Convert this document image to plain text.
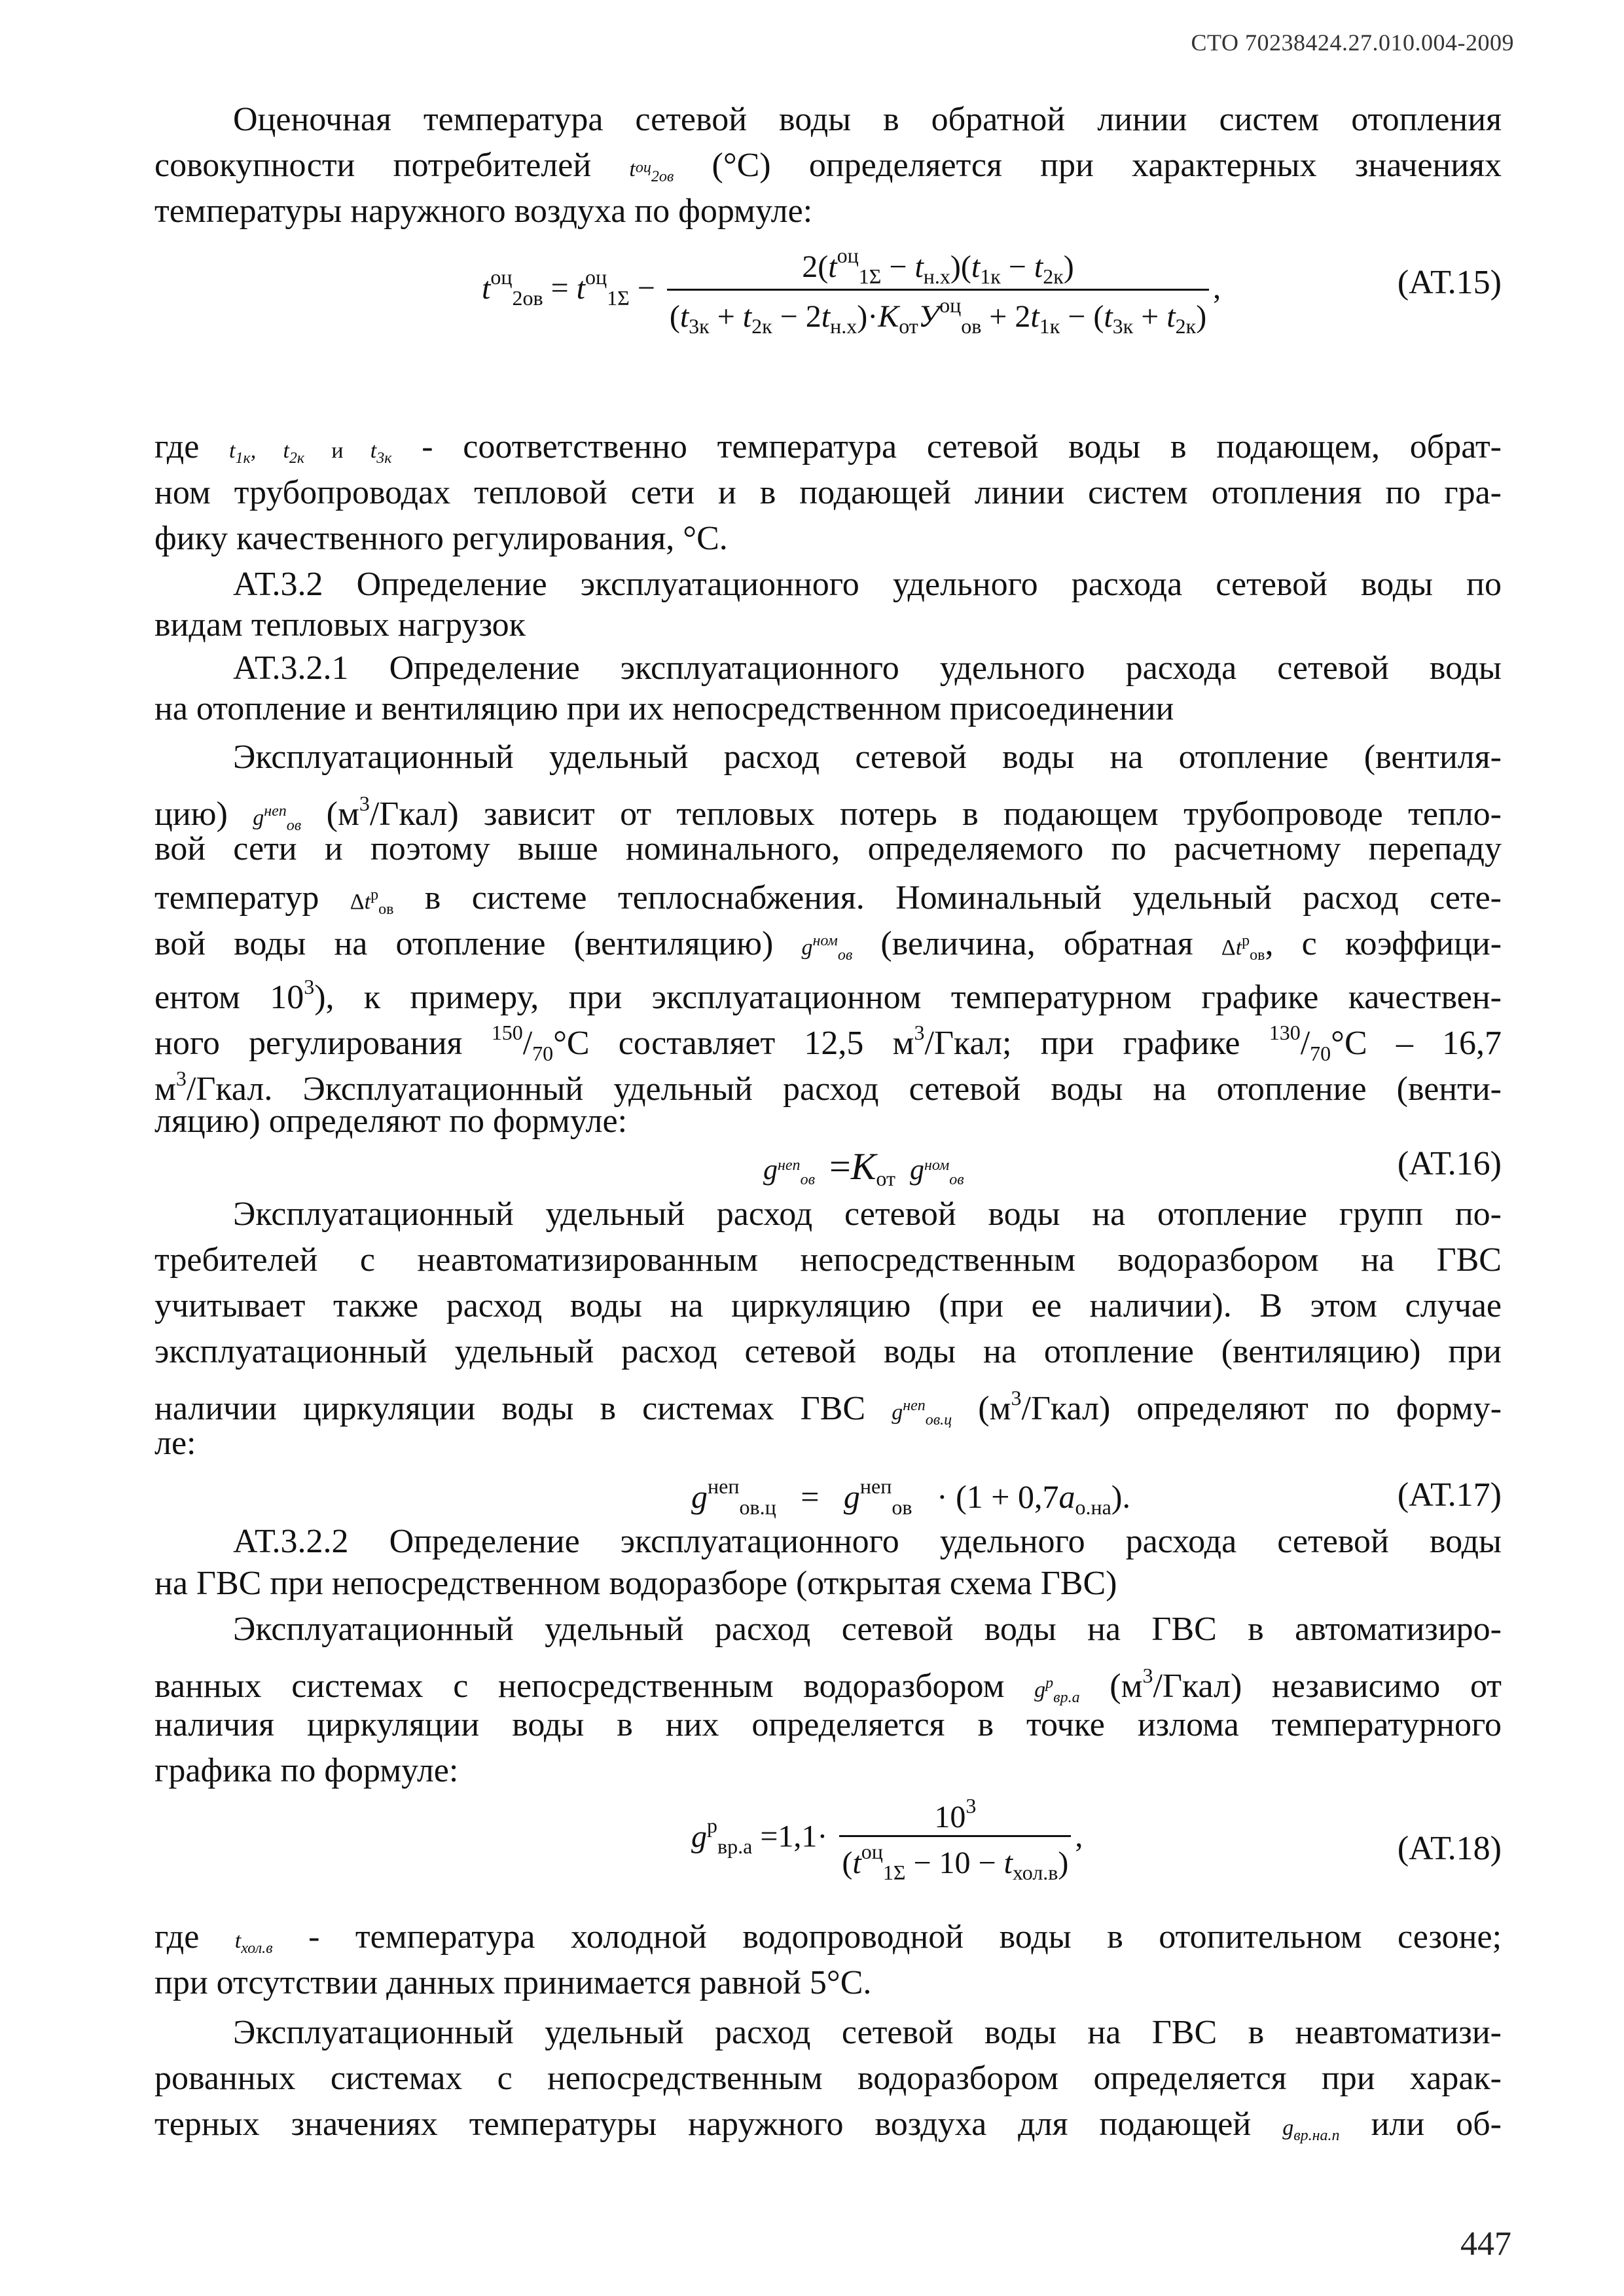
СТО 70238424.27.010.004-2009
Оценочная температура сетевой воды в обратной линии систем отопления
совокупности потребителей $t^{оц}_{2ов}$ (°С) определяется при характерных значениях
температуры наружного воздуха по формуле:
$t^{оц}_{2ов} = t^{оц}_{1\Sigma} - \frac{2(t^{оц}_{1\Sigma} - t_{н.х})(t_{1к} - t_{2к})}{(t_{3к} + t_{2к} - 2t_{н.х})\cdot K_{от}У^{оц}_{ов} + 2t_{1к} - (t_{3к} + t_{2к})}$ ,	(АТ.15)
где $t_{1к}$, $t_{2к}$ и $t_{3к}$ - соответственно температура сетевой воды в подающем, обрат-
ном трубопроводах тепловой сети и в подающей линии систем отопления по гра-
фику качественного регулирования, °С.
АТ.3.2 Определение эксплуатационного удельного расхода сетевой воды по
видам тепловых нагрузок
АТ.3.2.1 Определение эксплуатационного удельного расхода сетевой воды
на отопление и вентиляцию при их непосредственном присоединении
Эксплуатационный удельный расход сетевой воды на отопление (вентиля-
цию) $g^{неп}_{ов}$ $(м^3/Гкал)$ зависит от тепловых потерь в подающем трубопроводе тепло-
вой сети и поэтому выше номинального, определяемого по расчетному перепаду
температур $\Delta t^р_{ов}$ в системе теплоснабжения. Номинальный удельный расход сете-
вой воды на отопление (вентиляцию) $g^{ном}_{ов}$ (величина, обратная $\Delta t^р_{ов}$, с коэффици-
ентом $10^3$), к примеру, при эксплуатационном температурном графике качествен-
ного регулирования $^{150}/_{70}^\circ С$ составляет 12,5 $м^3$/Гкал; при графике $^{130}/_{70}^\circ С - 16,7$
$м^3$/Гкал. Эксплуатационный удельный расход сетевой воды на отопление (венти-
ляцию) определяют по формуле:
$g^{неп}ов =K_{от}$ $g^{ном}ов$	(АТ.16)
Эксплуатационный удельный расход сетевой воды на отопление групп по-
требителей с неавтоматизированным непосредственным водоразбором на ГВС
учитывает также расход воды на циркуляцию (при ее наличии). В этом случае
эксплуатационный удельный расход сетевой воды на отопление (вентиляцию) при
наличии циркуляции воды в системах ГВС $g^{неп}_{ов.ц}$ $(м^3/Гкал)$ определяют по форму-
ле:
$g^{неп}_{ов.ц} = g^{неп}_{ов} \cdot (1 + 0,7a_{о.на})$.	(АТ.17)
АТ.3.2.2 Определение эксплуатационного удельного расхода сетевой воды
на ГВС при непосредственном водоразборе (открытая схема ГВС)
Эксплуатационный удельный расход сетевой воды на ГВС в автоматизиро-
ванных системах с непосредственным водоразбором $g^р_{вр.а}$ $(м^3/Гкал)$ независимо от
наличия циркуляции воды в них определяется в точке излома температурного
графика по формуле:
$g^р_{вр.а} =1,1\cdot \frac{10^3}{(t^{оц}_{1\Sigma} - 10 - t_{хол.в})}$ ,	(АТ.18)
где $t_{хол.в}$ - температура холодной водопроводной воды в отопительном сезоне;
при отсутствии данных принимается равной 5°С.
Эксплуатационный удельный расход сетевой воды на ГВС в неавтоматизи-
рованных системах с непосредственным водоразбором определяется при харак-
терных значениях температуры наружного воздуха для подающей $g_{вр.на.п}$ или об-
447
